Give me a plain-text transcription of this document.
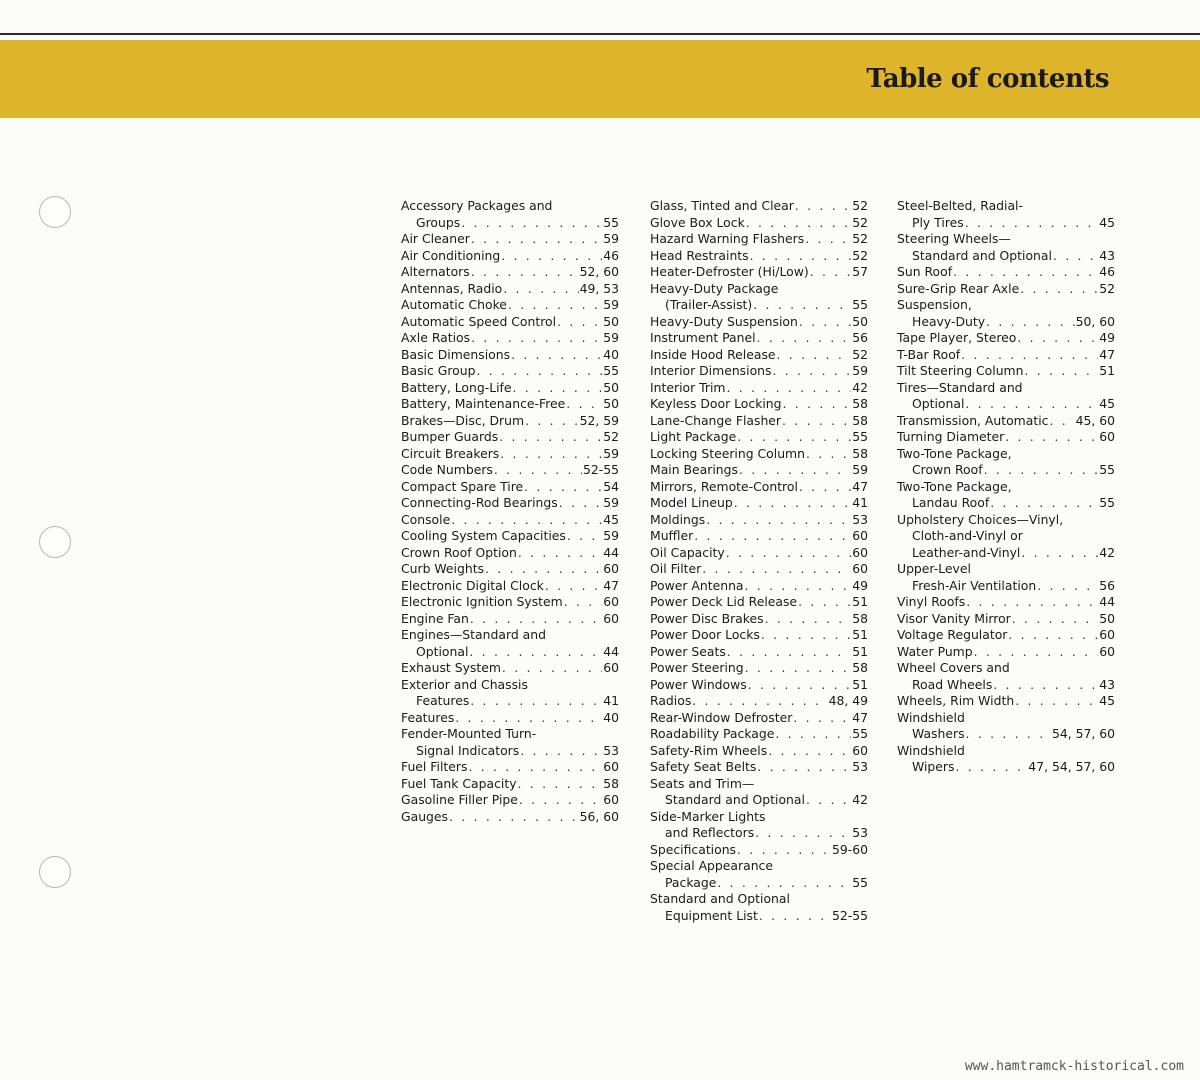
Table of contents
Accessory Packages and
Groups . . .	55
Air Cleaner . . .	59
Air Conditioning . . .	46
Alternators . . .	52, 60
Antennas, Radio . . .	49, 53
Automatic Choke . . .	59
Automatic Speed Control . . .	50
Axle Ratios . . .	59
Basic Dimensions . . .	40
Basic Group . . .	55
Battery, Long-Life . . .	50
Battery, Maintenance-Free . . .	50
Brakes—Disc, Drum . . .	52, 59
Bumper Guards . . .	52
Circuit Breakers . . .	59
Code Numbers . . .	52-55
Compact Spare Tire . . .	54
Connecting-Rod Bearings . . .	59
Console . . .	45
Cooling System Capacities . . .	59
Crown Roof Option . . .	44
Curb Weights . . .	60
Electronic Digital Clock . . .	47
Electronic Ignition System . . .	60
Engine Fan . . .	60
Engines—Standard and
Optional . . .	44
Exhaust System . . .	60
Exterior and Chassis
Features . . .	41
Features . . .	40
Fender-Mounted Turn-
Signal Indicators . . .	53
Fuel Filters . . .	60
Fuel Tank Capacity . . .	58
Gasoline Filler Pipe . . .	60
Gauges . . .	56, 60
Glass, Tinted and Clear . . .	52
Glove Box Lock . . .	52
Hazard Warning Flashers . . .	52
Head Restraints . . .	52
Heater-Defroster (Hi/Low) . . .	57
Heavy-Duty Package
(Trailer-Assist) . . .	55
Heavy-Duty Suspension . . .	50
Instrument Panel . . .	56
Inside Hood Release . . .	52
Interior Dimensions . . .	59
Interior Trim . . .	42
Keyless Door Locking . . .	58
Lane-Change Flasher . . .	58
Light Package . . .	55
Locking Steering Column . . .	58
Main Bearings . . .	59
Mirrors, Remote-Control . . .	47
Model Lineup . . .	41
Moldings . . .	53
Muffler . . .	60
Oil Capacity . . .	60
Oil Filter . . .	60
Power Antenna . . .	49
Power Deck Lid Release . . .	51
Power Disc Brakes . . .	58
Power Door Locks . . .	51
Power Seats . . .	51
Power Steering . . .	58
Power Windows . . .	51
Radios . . .	48, 49
Rear-Window Defroster . . .	47
Roadability Package . . .	55
Safety-Rim Wheels . . .	60
Safety Seat Belts . . .	53
Seats and Trim—
Standard and Optional . . .	42
Side-Marker Lights
and Reflectors . . .	53
Specifications . . .	59-60
Special Appearance
Package . . .	55
Standard and Optional
Equipment List . . .	52-55
Steel-Belted, Radial-
Ply Tires . . .	45
Steering Wheels—
Standard and Optional . . .	43
Sun Roof . . .	46
Sure-Grip Rear Axle . . .	52
Suspension,
Heavy-Duty . . .	50, 60
Tape Player, Stereo . . .	49
T-Bar Roof . . .	47
Tilt Steering Column . . .	51
Tires—Standard and
Optional . . .	45
Transmission, Automatic . . . 45, 60
Turning Diameter . . .	60
Two-Tone Package,
Crown Roof . . .	55
Two-Tone Package,
Landau Roof . . .	55
Upholstery Choices—Vinyl,
Cloth-and-Vinyl or
Leather-and-Vinyl . . .	42
Upper-Level
Fresh-Air Ventilation . . .	56
Vinyl Roofs . . .	44
Visor Vanity Mirror . . .	50
Voltage Regulator . . .	60
Water Pump . . .	60
Wheel Covers and
Road Wheels . . .	43
Wheels, Rim Width . . .	45
Windshield
Washers . . .	54, 57, 60
Windshield
Wipers . . .	47, 54, 57, 60
www.hamtramck-historical.com
